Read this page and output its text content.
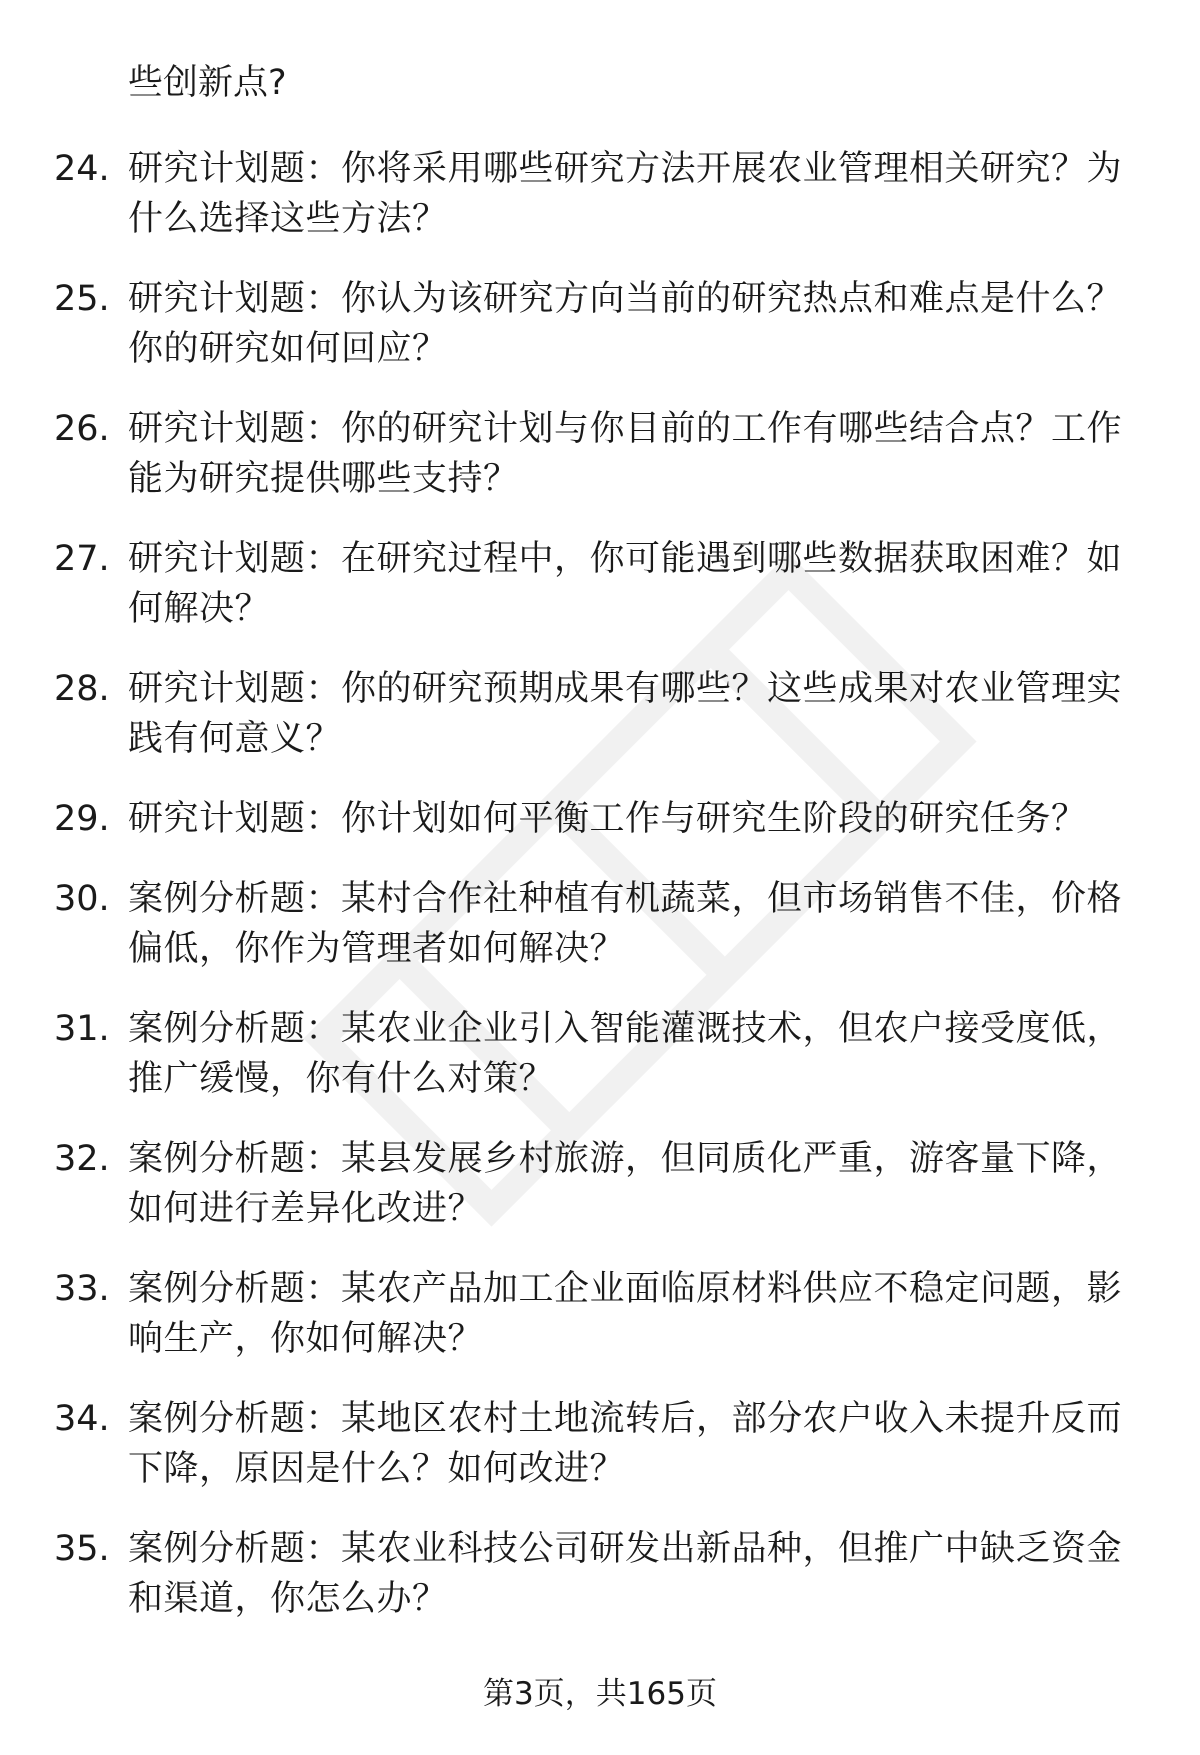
些创新点?
24. 研究计划题：你将采用哪些研究方法开展农业管理相关研究？为什么选择这些方法？
25. 研究计划题：你认为该研究方向当前的研究热点和难点是什么？你的研究如何回应？
26. 研究计划题：你的研究计划与你目前的工作有哪些结合点？工作能为研究提供哪些支持？
27. 研究计划题：在研究过程中，你可能遇到哪些数据获取困难？如何解决？
28. 研究计划题：你的研究预期成果有哪些？这些成果对农业管理实践有何意义？
29. 研究计划题：你计划如何平衡工作与研究生阶段的研究任务？
30. 案例分析题：某村合作社种植有机蔬菜，但市场销售不佳，价格偏低，你作为管理者如何解决？
31. 案例分析题：某农业企业引入智能灌溉技术，但农户接受度低，推广缓慢，你有什么对策？
32. 案例分析题：某县发展乡村旅游，但同质化严重，游客量下降，如何进行差异化改进？
33. 案例分析题：某农产品加工企业面临原材料供应不稳定问题，影响生产，你如何解决？
34. 案例分析题：某地区农村土地流转后，部分农户收入未提升反而下降，原因是什么？如何改进？
35. 案例分析题：某农业科技公司研发出新品种，但推广中缺乏资金和渠道，你怎么办？
第3页，共165页
